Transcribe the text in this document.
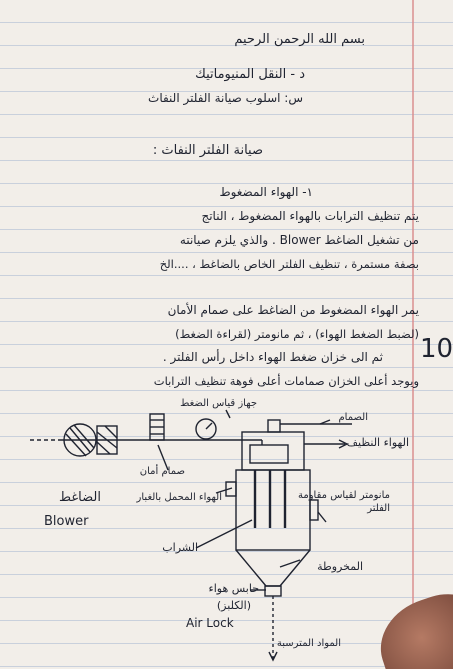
بسم الله الرحمن الرحيم
د - النقل المنيوماتيك
س: اسلوب صيانة الفلتر النفاث
صيانة الفلتر النفاث :
١- الهواء المضغوط
يتم تنظيف الترابات بالهواء المضغوط ، الناتج
من تشغيل الضاغط Blower . والذي يلزم صيانته
بصفة مستمرة ، تنظيف الفلتر الخاص بالضاغط ، ....الخ
يمر الهواء المضغوط من الضاغط على صمام الأمان
(لضبط الضغط الهواء) ، ثم مانومتر (لقراءة الضغط)
ثم الى خزان ضغط الهواء داخل رأس الفلتر .
ويوجد أعلى الخزان صمامات أعلى فوهة تنظيف الترابات
10
جهاز قياس الضغط
الصمام
الهواء النظيف
صمام أمان
الهواء المحمل بالغبار
الضاغط
Blower
مانومتر لقياس مقاومة الفلتر
الشراب
المخروطة
حابس هواء
(الكلبز)
Air Lock
المواد المترسبة
